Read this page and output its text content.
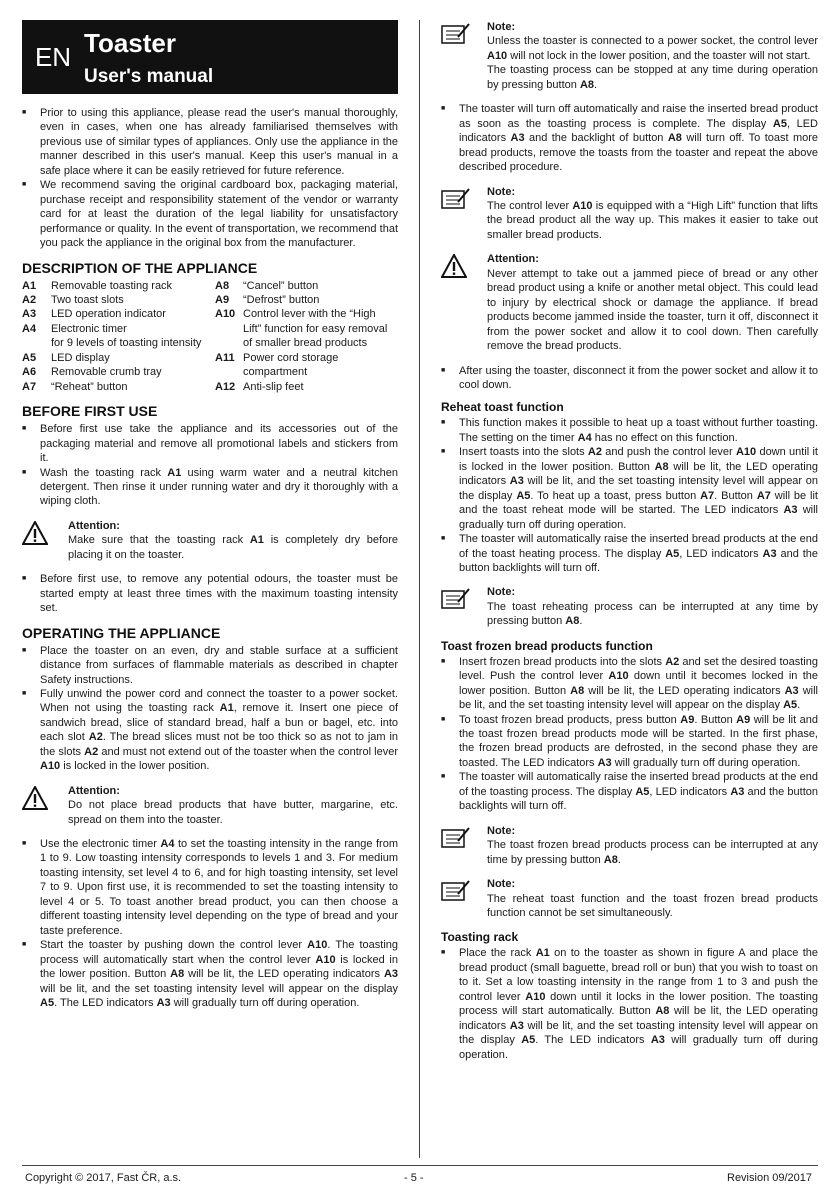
EN Toaster
User's manual
■ Prior to using this appliance, please read the user's manual thoroughly, even in cases, when one has already familiarised themselves with previous use of similar types of appliances. Only use the appliance in the manner described in this user's manual. Keep this user's manual in a safe place where it can be easily retrieved for future reference.
■ We recommend saving the original cardboard box, packaging material, purchase receipt and responsibility statement of the vendor or warranty card for at least the duration of the legal liability for unsatisfactory performance or quality. In the event of transportation, we recommend that you pack the appliance in the original box from the manufacturer.
DESCRIPTION OF THE APPLIANCE
A1	Removable toasting rack	A8	“Cancel” button
A2	Two toast slots	A9	“Defrost” button
A3	LED operation indicator	A10	Control lever with the “High
A4	Electronic timer		Lift” function for easy removal
	for 9 levels of toasting intensity		of smaller bread products
A5	LED display	A11	Power cord storage
A6	Removable crumb tray		compartment
A7	“Reheat” button	A12	Anti-slip feet
BEFORE FIRST USE
■ Before first use take the appliance and its accessories out of the packaging material and remove all promotional labels and stickers from it.
■ Wash the toasting rack A1 using warm water and a neutral kitchen detergent. Then rinse it under running water and dry it thoroughly with a wiping cloth.
Attention:

Make sure that the toasting rack A1 is completely dry before placing it on the toaster.

■ Before first use, to remove any potential odours, the toaster must be started empty at least three times with the maximum toasting intensity set.
OPERATING THE APPLIANCE
■ Place the toaster on an even, dry and stable surface at a sufficient distance from surfaces of flammable materials as described in chapter Safety instructions.
■ Fully unwind the power cord and connect the toaster to a power socket. When not using the toasting rack A1, remove it. Insert one piece of sandwich bread, slice of standard bread, half a bun or bagel, etc. into each slot A2. The bread slices must not be too thick so as not to jam in the slots A2 and must not extend out of the toaster when the control lever A10 is locked in the lower position.
Attention:

Do not place bread products that have butter, margarine, etc. spread on them into the toaster.

■ Use the electronic timer A4 to set the toasting intensity in the range from 1 to 9. Low toasting intensity corresponds to levels 1 and 3. For medium toasting intensity, set level 4 to 6, and for high toasting intensity, set level 7 to 9. Upon first use, it is recommended to set the toasting intensity to level 4 or 5. To toast another bread product, you can then choose a different toasting intensity level depending on the type of bread and your taste preference.
■ Start the toaster by pushing down the control lever A10. The toasting process will automatically start when the control lever A10 is locked in the lower position. Button A8 will be lit, the LED operating indicators A3 will be lit, and the set toasting intensity level will appear on the display A5. The LED indicators A3 will gradually turn off during operation.
Note:

Unless the toaster is connected to a power socket, the control lever A10 will not lock in the lower position, and the toaster will not start.

The toasting process can be stopped at any time during operation by pressing button A8.

■ The toaster will turn off automatically and raise the inserted bread product as soon as the toasting process is complete. The display A5, LED indicators A3 and the backlight of button A8 will turn off. To toast more bread products, remove the toasts from the toaster and repeat the above described procedure.
Note:

The control lever A10 is equipped with a “High Lift” function that lifts the bread product all the way up. This makes it easier to take out smaller bread products.

Attention:

Never attempt to take out a jammed piece of bread or any other bread product using a knife or another metal object. This could lead to injury by electrical shock or damage the appliance. If bread products become jammed inside the toaster, turn it off, disconnect it from the power socket and allow it to cool down. Then carefully remove the bread products.

■ After using the toaster, disconnect it from the power socket and allow it to cool down.
Reheat toast function
■ This function makes it possible to heat up a toast without further toasting. The setting on the timer A4 has no effect on this function.
■ Insert toasts into the slots A2 and push the control lever A10 down until it is locked in the lower position. Button A8 will be lit, the LED operating indicators A3 will be lit, and the set toasting intensity level will appear on the display A5. To heat up a toast, press button A7. Button A7 will be lit and the toast reheat mode will be started. The LED indicators A3 will gradually turn off during operation.
■ The toaster will automatically raise the inserted bread products at the end of the toast heating process. The display A5, LED indicators A3 and the button backlights will turn off.
Note:

The toast reheating process can be interrupted at any time by pressing button A8.

Toast frozen bread products function
■ Insert frozen bread products into the slots A2 and set the desired toasting level. Push the control lever A10 down until it becomes locked in the lower position. Button A8 will be lit, the LED operating indicators A3 will be lit, and the set toasting intensity level will appear on the display A5.
■ To toast frozen bread products, press button A9. Button A9 will be lit and the toast frozen bread products mode will be started. In the first phase, the frozen bread products are defrosted, in the second phase they are toasted. The LED indicators A3 will gradually turn off during operation.
■ The toaster will automatically raise the inserted bread products at the end of the toasting process. The display A5, LED indicators A3 and the button backlights will turn off.
Note:

The toast frozen bread products process can be interrupted at any time by pressing button A8.

Note:

The reheat toast function and the toast frozen bread products function cannot be set simultaneously.

Toasting rack
■ Place the rack A1 on to the toaster as shown in figure A and place the bread product (small baguette, bread roll or bun) that you wish to toast on to it. Set a low toasting intensity in the range from 1 to 3 and push the control lever A10 down until it locks in the lower position. The toasting process will start automatically. Button A8 will be lit, the LED operating indicators A3 will be lit, and the set toasting intensity level will appear on the display A5. The LED indicators A3 will gradually turn off during operation.
Copyright © 2017, Fast ČR, a.s.	- 5 -	Revision 09/2017
